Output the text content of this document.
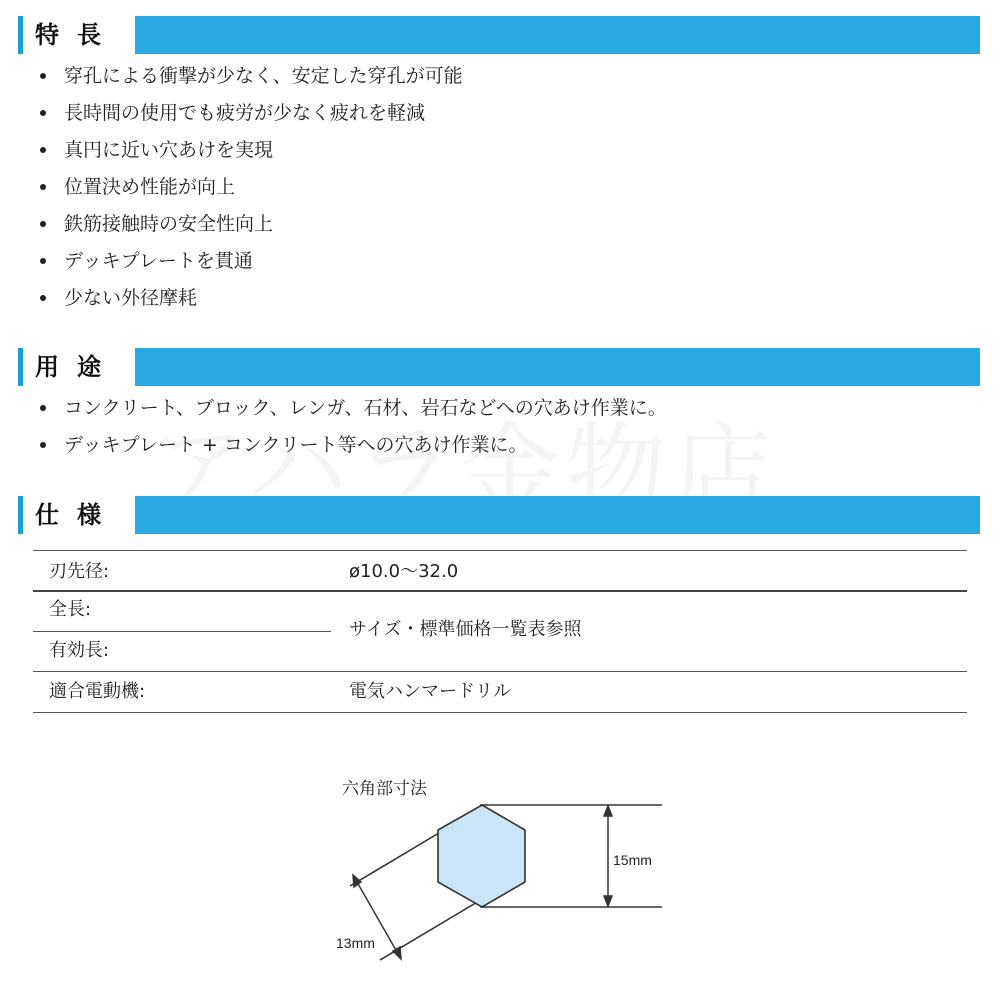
特長
穿孔による衝撃が少なく、安定した穿孔が可能
長時間の使用でも疲労が少なく疲れを軽減
真円に近い穴あけを実現
位置決め性能が向上
鉄筋接触時の安全性向上
デッキプレートを貫通
少ない外径摩耗
用途
コンクリート、ブロック、レンガ、石材、岩石などへの穴あけ作業に。
デッキプレート + コンクリート等への穴あけ作業に。
仕様
刃先径:	ø10.0～32.0
全長:
有効長:
サイズ・標準価格一覧表参照
適合電動機:	電気ハンマードリル
六角部寸法
15mm
13mm
